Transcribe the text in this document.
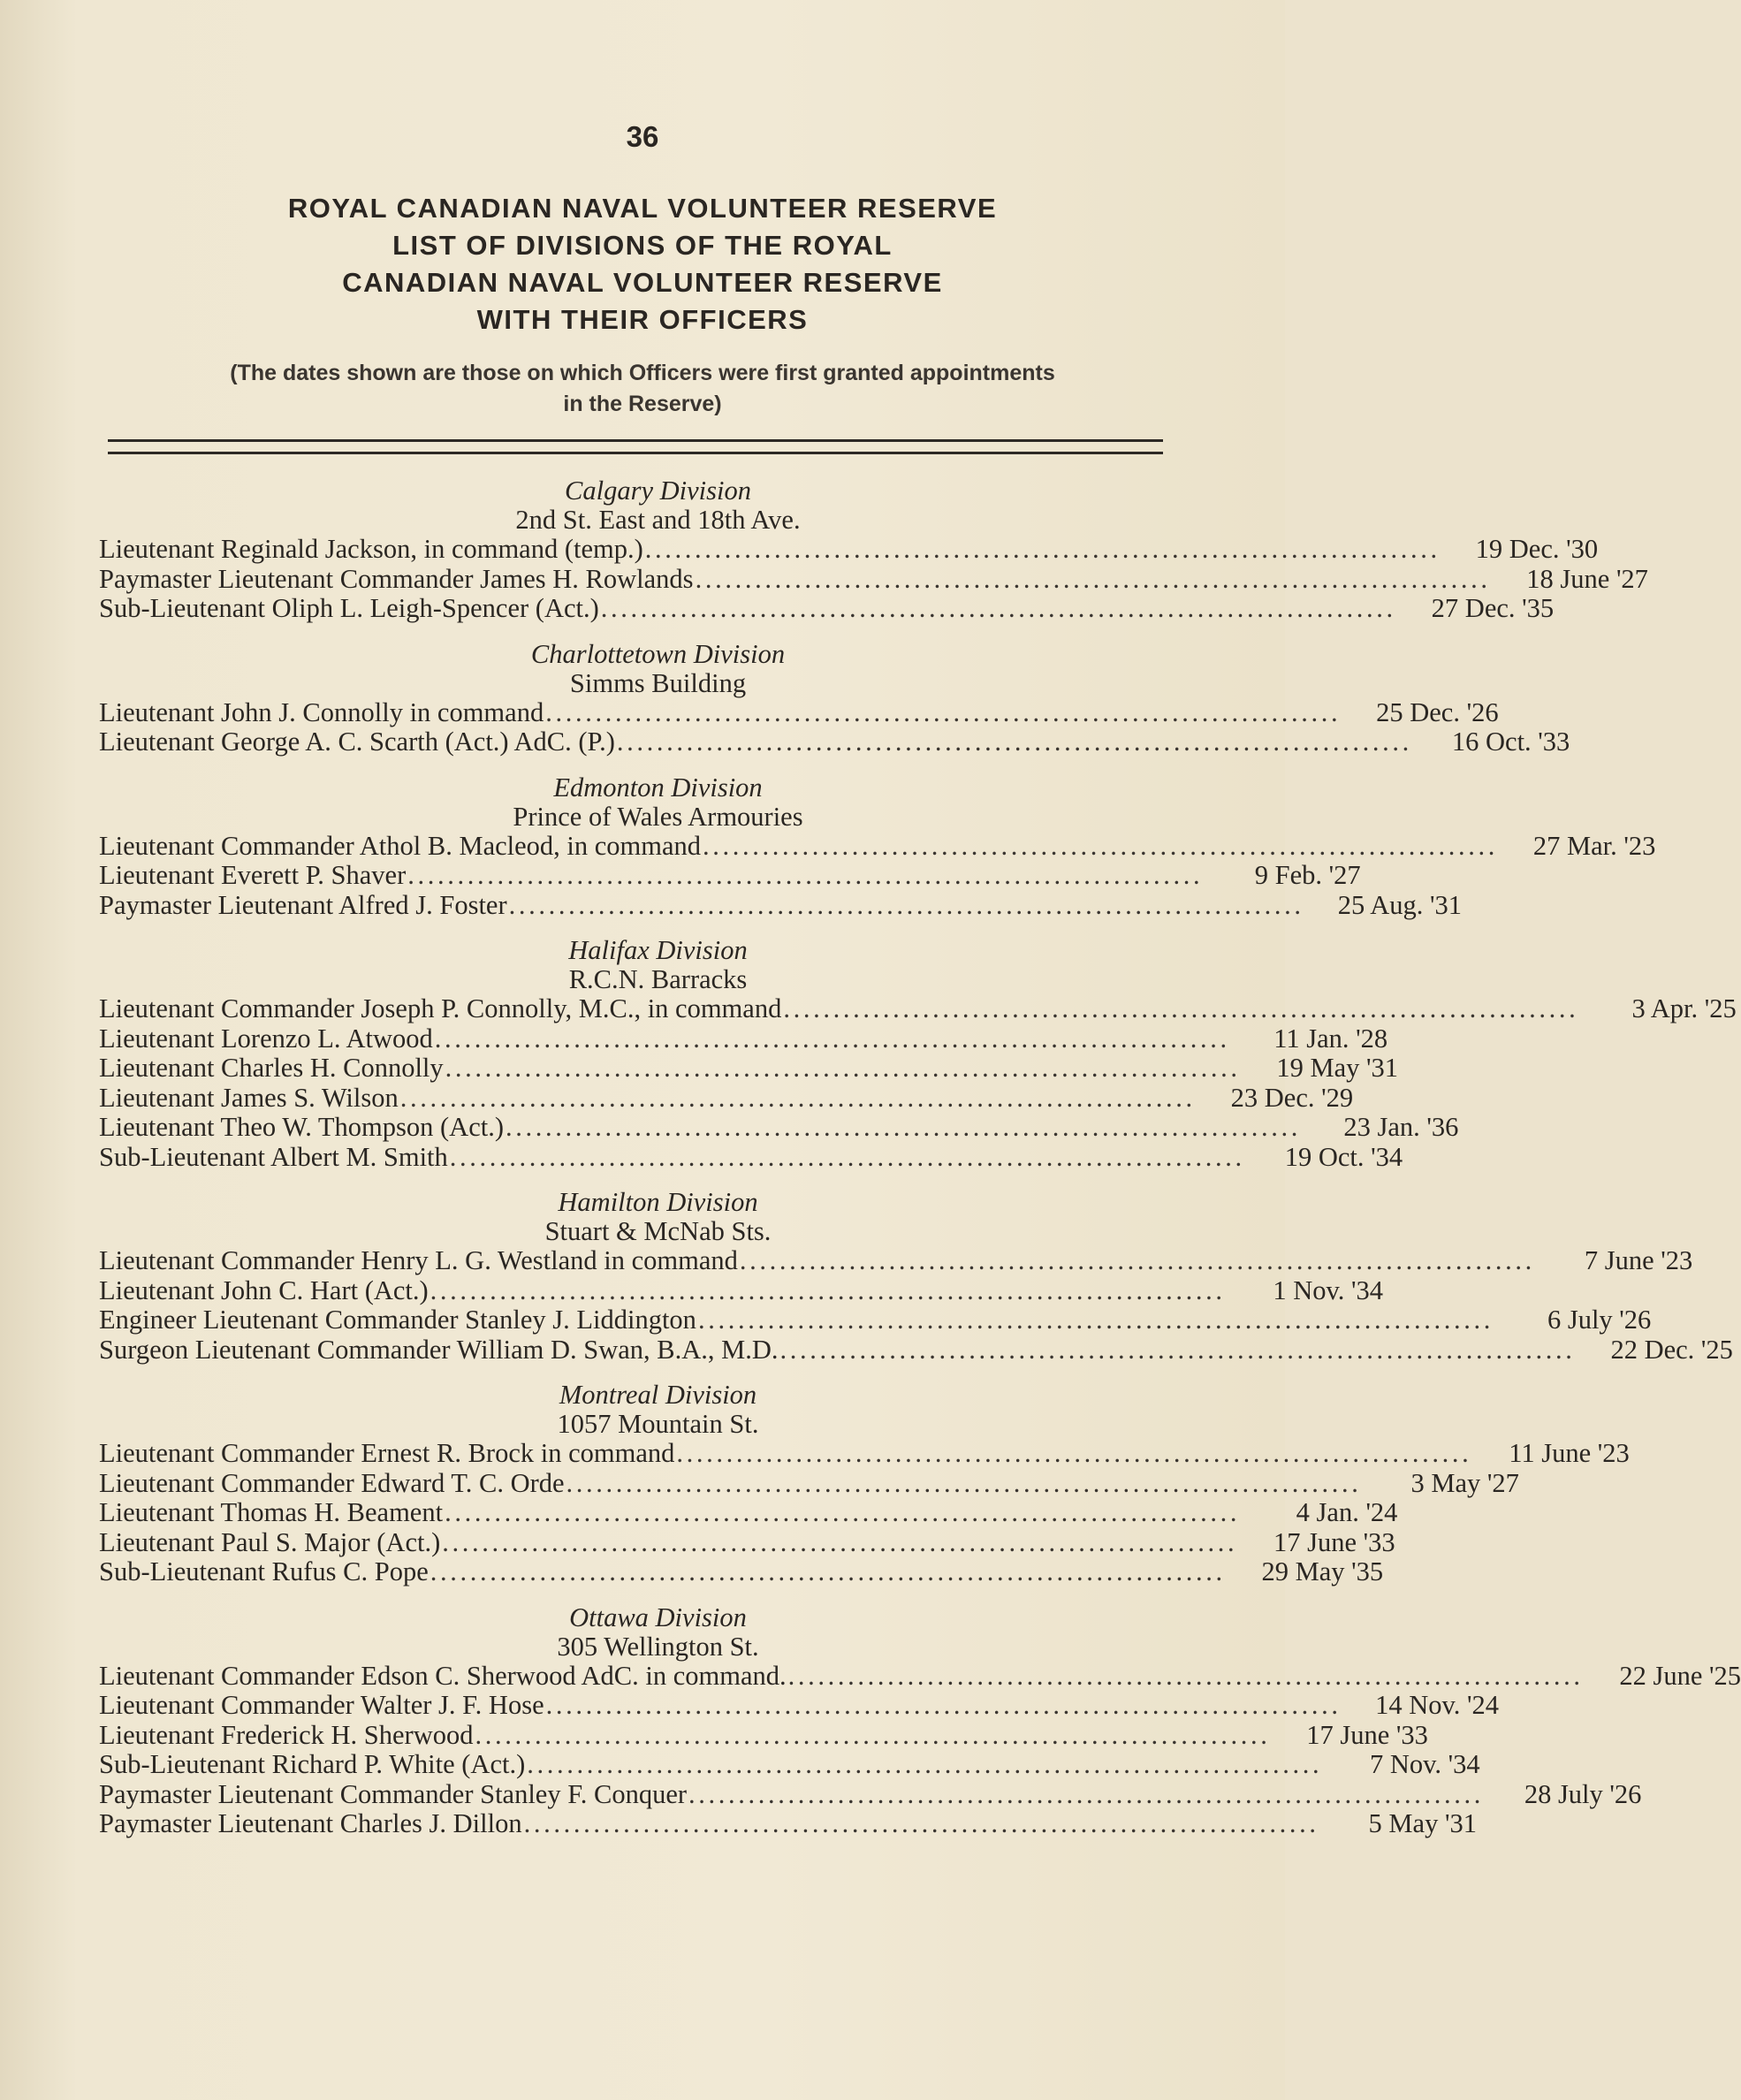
36
ROYAL CANADIAN NAVAL VOLUNTEER RESERVE
LIST OF DIVISIONS OF THE ROYAL
CANADIAN NAVAL VOLUNTEER RESERVE
WITH THEIR OFFICERS
(The dates shown are those on which Officers were first granted appointments
in the Reserve)
Calgary Division
2nd St. East and 18th Ave.
Lieutenant Reginald Jackson, in command (temp.) . . .	19 Dec. '30
Paymaster Lieutenant Commander James H. Rowlands . . .	18 June '27
Sub-Lieutenant Oliph L. Leigh-Spencer (Act.) . . .	27 Dec. '35
Charlottetown Division
Simms Building
Lieutenant John J. Connolly in command . . .	25 Dec. '26
Lieutenant George A. C. Scarth (Act.) AdC. (P.) . . .	16 Oct. '33
Edmonton Division
Prince of Wales Armouries
Lieutenant Commander Athol B. Macleod, in command . . .	27 Mar. '23
Lieutenant Everett P. Shaver . . .	9 Feb. '27
Paymaster Lieutenant Alfred J. Foster . . .	25 Aug. '31
Halifax Division
R.C.N. Barracks
Lieutenant Commander Joseph P. Connolly, M.C., in command . . .	3 Apr. '25
Lieutenant Lorenzo L. Atwood . . .	11 Jan. '28
Lieutenant Charles H. Connolly . . .	19 May '31
Lieutenant James S. Wilson . . .	23 Dec. '29
Lieutenant Theo W. Thompson (Act.) . . .	23 Jan. '36
Sub-Lieutenant Albert M. Smith . . .	19 Oct. '34
Hamilton Division
Stuart & McNab Sts.
Lieutenant Commander Henry L. G. Westland in command . . .	7 June '23
Lieutenant John C. Hart (Act.) . . .	1 Nov. '34
Engineer Lieutenant Commander Stanley J. Liddington . . .	6 July '26
Surgeon Lieutenant Commander William D. Swan, B.A., M.D. . . .	22 Dec. '25
Montreal Division
1057 Mountain St.
Lieutenant Commander Ernest R. Brock in command . . .	11 June '23
Lieutenant Commander Edward T. C. Orde . . .	3 May '27
Lieutenant Thomas H. Beament . . .	4 Jan. '24
Lieutenant Paul S. Major (Act.) . . .	17 June '33
Sub-Lieutenant Rufus C. Pope . . .	29 May '35
Ottawa Division
305 Wellington St.
Lieutenant Commander Edson C. Sherwood AdC. in command. . . .	22 June '25
Lieutenant Commander Walter J. F. Hose . . .	14 Nov. '24
Lieutenant Frederick H. Sherwood . . .	17 June '33
Sub-Lieutenant Richard P. White (Act.) . . .	7 Nov. '34
Paymaster Lieutenant Commander Stanley F. Conquer . . .	28 July '26
Paymaster Lieutenant Charles J. Dillon . . .	5 May '31
